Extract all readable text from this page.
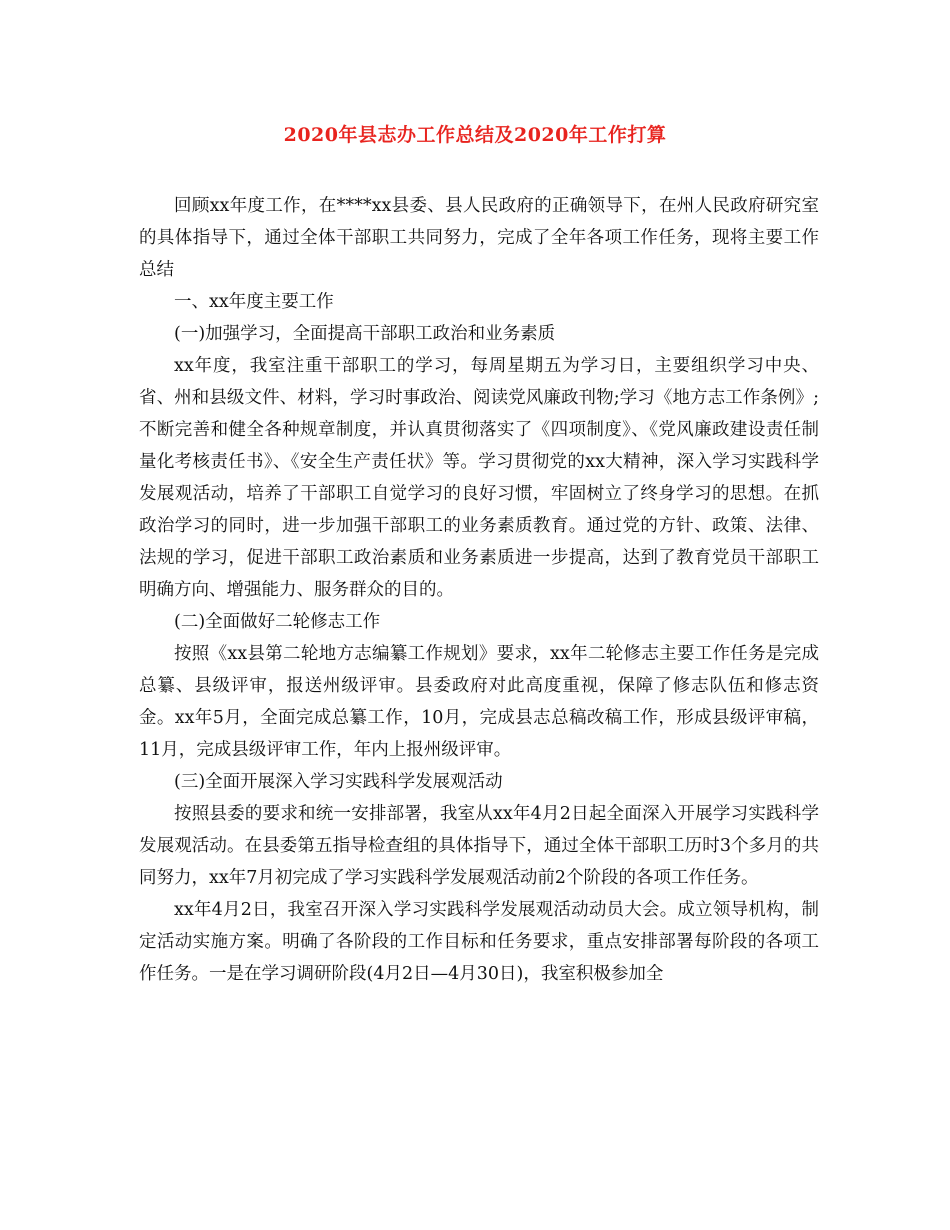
2020年县志办工作总结及2020年工作打算

回顾xx年度工作，在****xx县委、县人民政府的正确领导下，在州人民政府研究室的具体指导下，通过全体干部职工共同努力，完成了全年各项工作任务，现将主要工作总结

一、xx年度主要工作

(一)加强学习，全面提高干部职工政治和业务素质

xx年度，我室注重干部职工的学习，每周星期五为学习日，主要组织学习中央、省、州和县级文件、材料，学习时事政治、阅读党风廉政刊物;学习《地方志工作条例》;不断完善和健全各种规章制度，并认真贯彻落实了《四项制度》、《党风廉政建设责任制量化考核责任书》、《安全生产责任状》等。学习贯彻党的xx大精神，深入学习实践科学发展观活动，培养了干部职工自觉学习的良好习惯，牢固树立了终身学习的思想。在抓政治学习的同时，进一步加强干部职工的业务素质教育。通过党的方针、政策、法律、法规的学习，促进干部职工政治素质和业务素质进一步提高，达到了教育党员干部职工明确方向、增强能力、服务群众的目的。

(二)全面做好二轮修志工作

按照《xx县第二轮地方志编纂工作规划》要求，xx年二轮修志主要工作任务是完成总纂、县级评审，报送州级评审。县委政府对此高度重视，保障了修志队伍和修志资金。xx年5月，全面完成总纂工作，10月，完成县志总稿改稿工作，形成县级评审稿，11月，完成县级评审工作，年内上报州级评审。

(三)全面开展深入学习实践科学发展观活动

按照县委的要求和统一安排部署，我室从xx年4月2日起全面深入开展学习实践科学发展观活动。在县委第五指导检查组的具体指导下，通过全体干部职工历时3个多月的共同努力，xx年7月初完成了学习实践科学发展观活动前2个阶段的各项工作任务。

xx年4月2日，我室召开深入学习实践科学发展观活动动员大会。成立领导机构，制定活动实施方案。明确了各阶段的工作目标和任务要求，重点安排部署每阶段的各项工作任务。一是在学习调研阶段(4月2日—4月30日)，我室积极参加全
